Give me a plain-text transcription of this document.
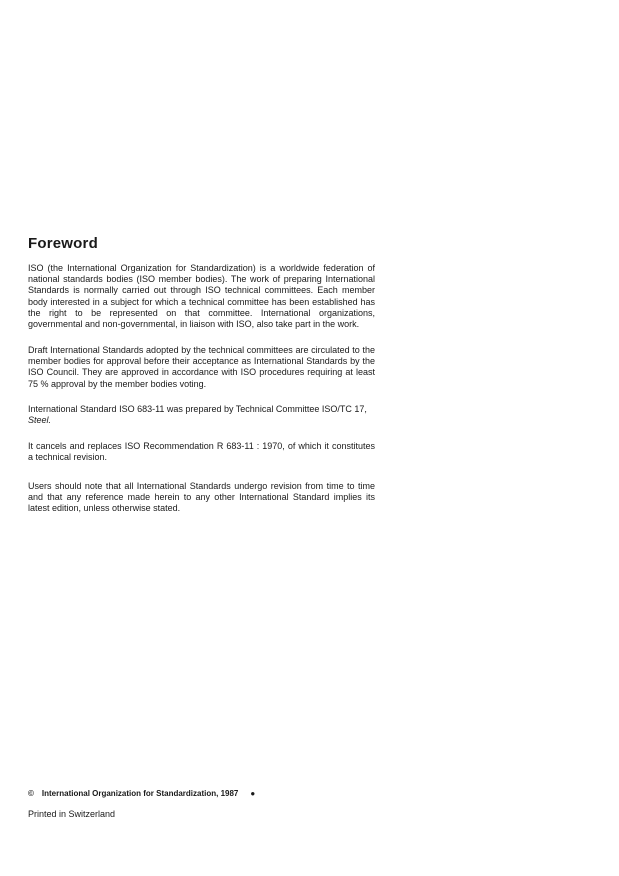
Foreword

ISO (the International Organization for Standardization) is a worldwide federation of national standards bodies (ISO member bodies). The work of preparing International Standards is normally carried out through ISO technical committees. Each member body interested in a subject for which a technical committee has been established has the right to be represented on that committee. International organizations, governmental and non-governmental, in liaison with ISO, also take part in the work.

Draft International Standards adopted by the technical committees are circulated to the member bodies for approval before their acceptance as International Standards by the ISO Council. They are approved in accordance with ISO procedures requiring at least 75 % approval by the member bodies voting.

International Standard ISO 683-11 was prepared by Technical Committee ISO/TC 17,
Steel.

It cancels and replaces ISO Recommendation R 683-11 : 1970, of which it constitutes a technical revision.

Users should note that all International Standards undergo revision from time to time and that any reference made herein to any other International Standard implies its latest edition, unless otherwise stated.

© International Organization for Standardization, 1987 ●
Printed in Switzerland
